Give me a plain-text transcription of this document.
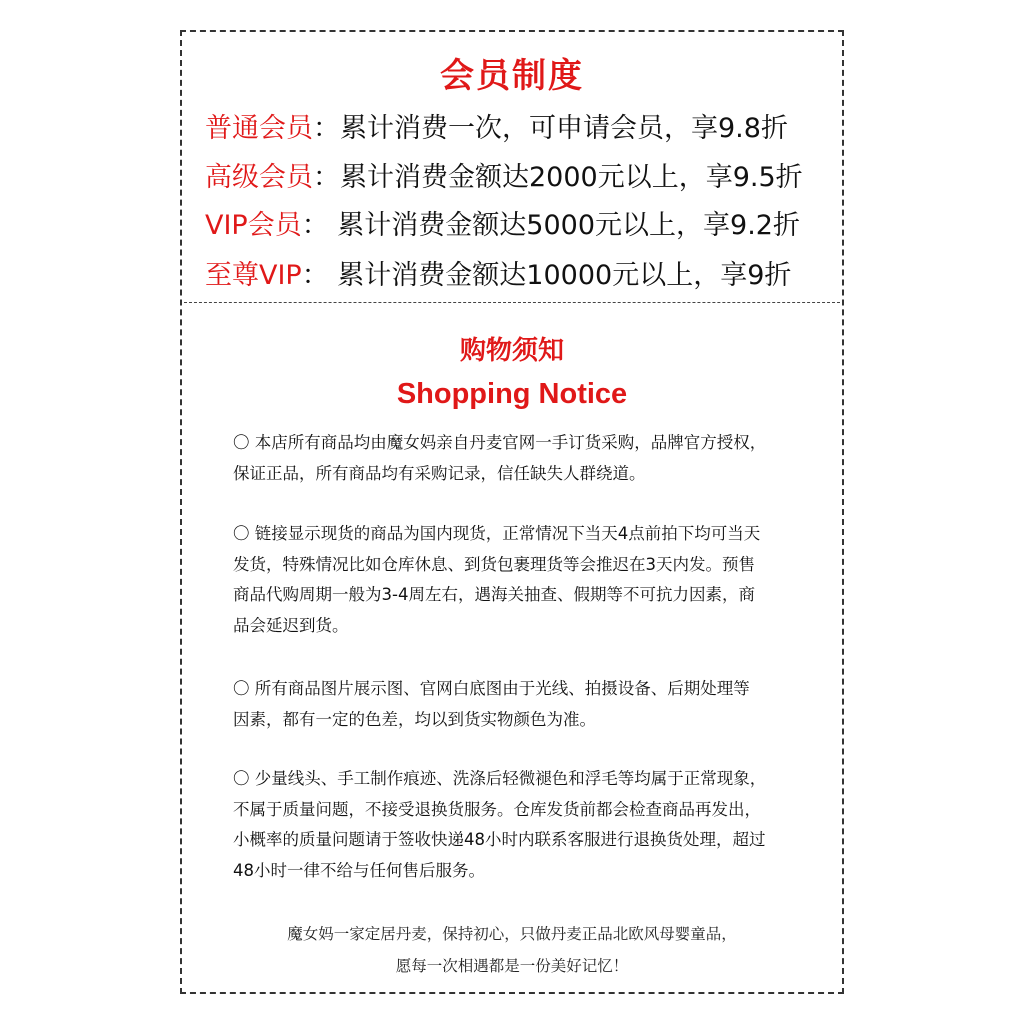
会员制度
普通会员：累计消费一次，可申请会员，享9.8折
高级会员：累计消费金额达2000元以上，享9.5折
VIP会员： 累计消费金额达5000元以上，享9.2折
至尊VIP： 累计消费金额达10000元以上，享9折
购物须知
Shopping Notice

〇 本店所有商品均由魔女妈亲自丹麦官网一手订货采购，品牌官方授权，
保证正品，所有商品均有采购记录，信任缺失人群绕道。

〇 链接显示现货的商品为国内现货，正常情况下当天4点前拍下均可当天
发货，特殊情况比如仓库休息、到货包裹理货等会推迟在3天内发。预售
商品代购周期一般为3-4周左右，遇海关抽查、假期等不可抗力因素，商
品会延迟到货。

〇 所有商品图片展示图、官网白底图由于光线、拍摄设备、后期处理等
因素，都有一定的色差，均以到货实物颜色为准。

〇 少量线头、手工制作痕迹、洗涤后轻微褪色和浮毛等均属于正常现象，
不属于质量问题，不接受退换货服务。仓库发货前都会检查商品再发出，
小概率的质量问题请于签收快递48小时内联系客服进行退换货处理，超过
48小时一律不给与任何售后服务。

魔女妈一家定居丹麦，保持初心，只做丹麦正品北欧风母婴童品，
愿每一次相遇都是一份美好记忆！
